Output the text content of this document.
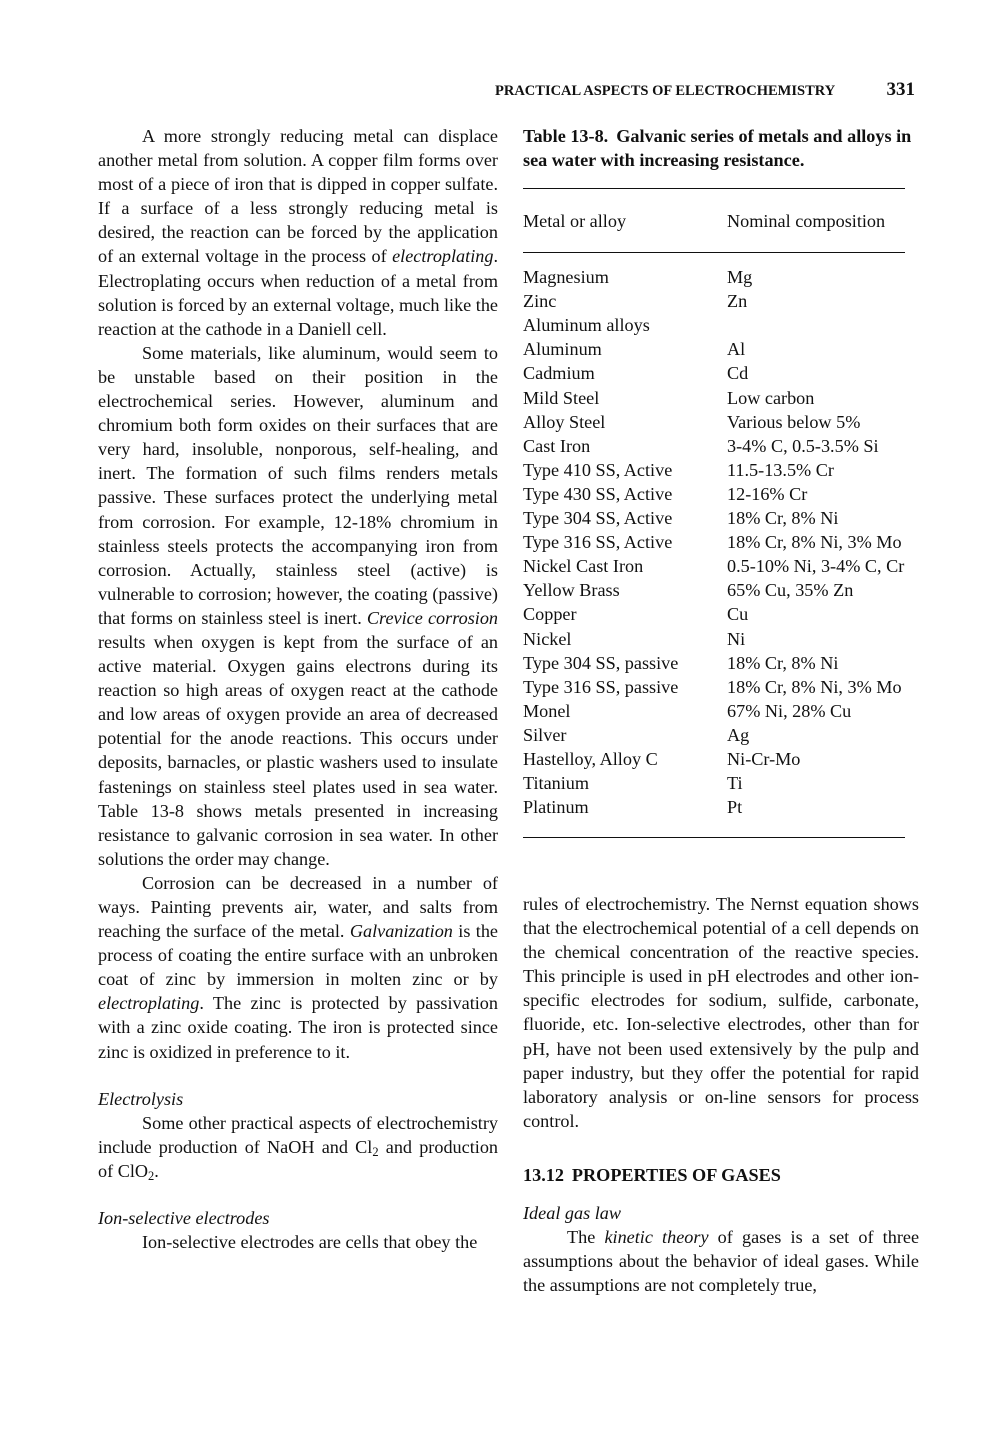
PRACTICAL ASPECTS OF ELECTROCHEMISTRY	331

A more strongly reducing metal can displace another metal from solution. A copper film forms over most of a piece of iron that is dipped in copper sulfate. If a surface of a less strongly reducing metal is desired, the reaction can be forced by the application of an external voltage in the process of electroplating. Electroplating occurs when reduction of a metal from solution is forced by an external voltage, much like the reaction at the cathode in a Daniell cell.

Some materials, like aluminum, would seem to be unstable based on their position in the electrochemical series. However, aluminum and chromium both form oxides on their surfaces that are very hard, insoluble, nonporous, self-healing, and inert. The formation of such films renders metals passive. These surfaces protect the underlying metal from corrosion. For example, 12-18% chromium in stainless steels protects the accompanying iron from corrosion. Actually, stainless steel (active) is vulnerable to corrosion; however, the coating (passive) that forms on stainless steel is inert. Crevice corrosion results when oxygen is kept from the surface of an active material. Oxygen gains electrons during its reaction so high areas of oxygen react at the cathode and low areas of oxygen provide an area of decreased potential for the anode reactions. This occurs under deposits, barnacles, or plastic washers used to insulate fastenings on stainless steel plates used in sea water. Table 13-8 shows metals presented in increasing resistance to galvanic corrosion in sea water. In other solutions the order may change.

Corrosion can be decreased in a number of ways. Painting prevents air, water, and salts from reaching the surface of the metal. Galvanization is the process of coating the entire surface with an unbroken coat of zinc by immersion in molten zinc or by electroplating. The zinc is protected by passivation with a zinc oxide coating. The iron is protected since zinc is oxidized in preference to it.

Electrolysis

Some other practical aspects of electrochemistry include production of NaOH and $Cl_2$ and production of ClO$_2$.

Ion-selective electrodes

Ion-selective electrodes are cells that obey the

Table 13-8. Galvanic series of metals and alloys in sea water with increasing resistance.

Metal or alloy	Nominal composition
Magnesium	Mg
Zinc	Zn
Aluminum alloys
Aluminum	Al
Cadmium	Cd
Mild Steel	Low carbon
Alloy Steel	Various below 5%
Cast Iron	3-4% C, 0.5-3.5% Si
Type 410 SS, Active	11.5-13.5% Cr
Type 430 SS, Active	12-16% Cr
Type 304 SS, Active	18% Cr, 8% Ni
Type 316 SS, Active	18% Cr, 8% Ni, 3% Mo
Nickel Cast Iron	0.5-10% Ni, 3-4% C, Cr
Yellow Brass	65% Cu, 35% Zn
Copper	Cu
Nickel	Ni
Type 304 SS, passive	18% Cr, 8% Ni
Type 316 SS, passive	18% Cr, 8% Ni, 3% Mo
Monel	67% Ni, 28% Cu
Silver	Ag
Hastelloy, Alloy C	Ni-Cr-Mo
Titanium	Ti
Platinum	Pt

rules of electrochemistry. The Nernst equation shows that the electrochemical potential of a cell depends on the chemical concentration of the reactive species. This principle is used in pH electrodes and other ion-specific electrodes for sodium, sulfide, carbonate, fluoride, etc. Ion-selective electrodes, other than for pH, have not been used extensively by the pulp and paper industry, but they offer the potential for rapid laboratory analysis or on-line sensors for process control.

13.12 PROPERTIES OF GASES

Ideal gas law

The kinetic theory of gases is a set of three assumptions about the behavior of ideal gases. While the assumptions are not completely true,
